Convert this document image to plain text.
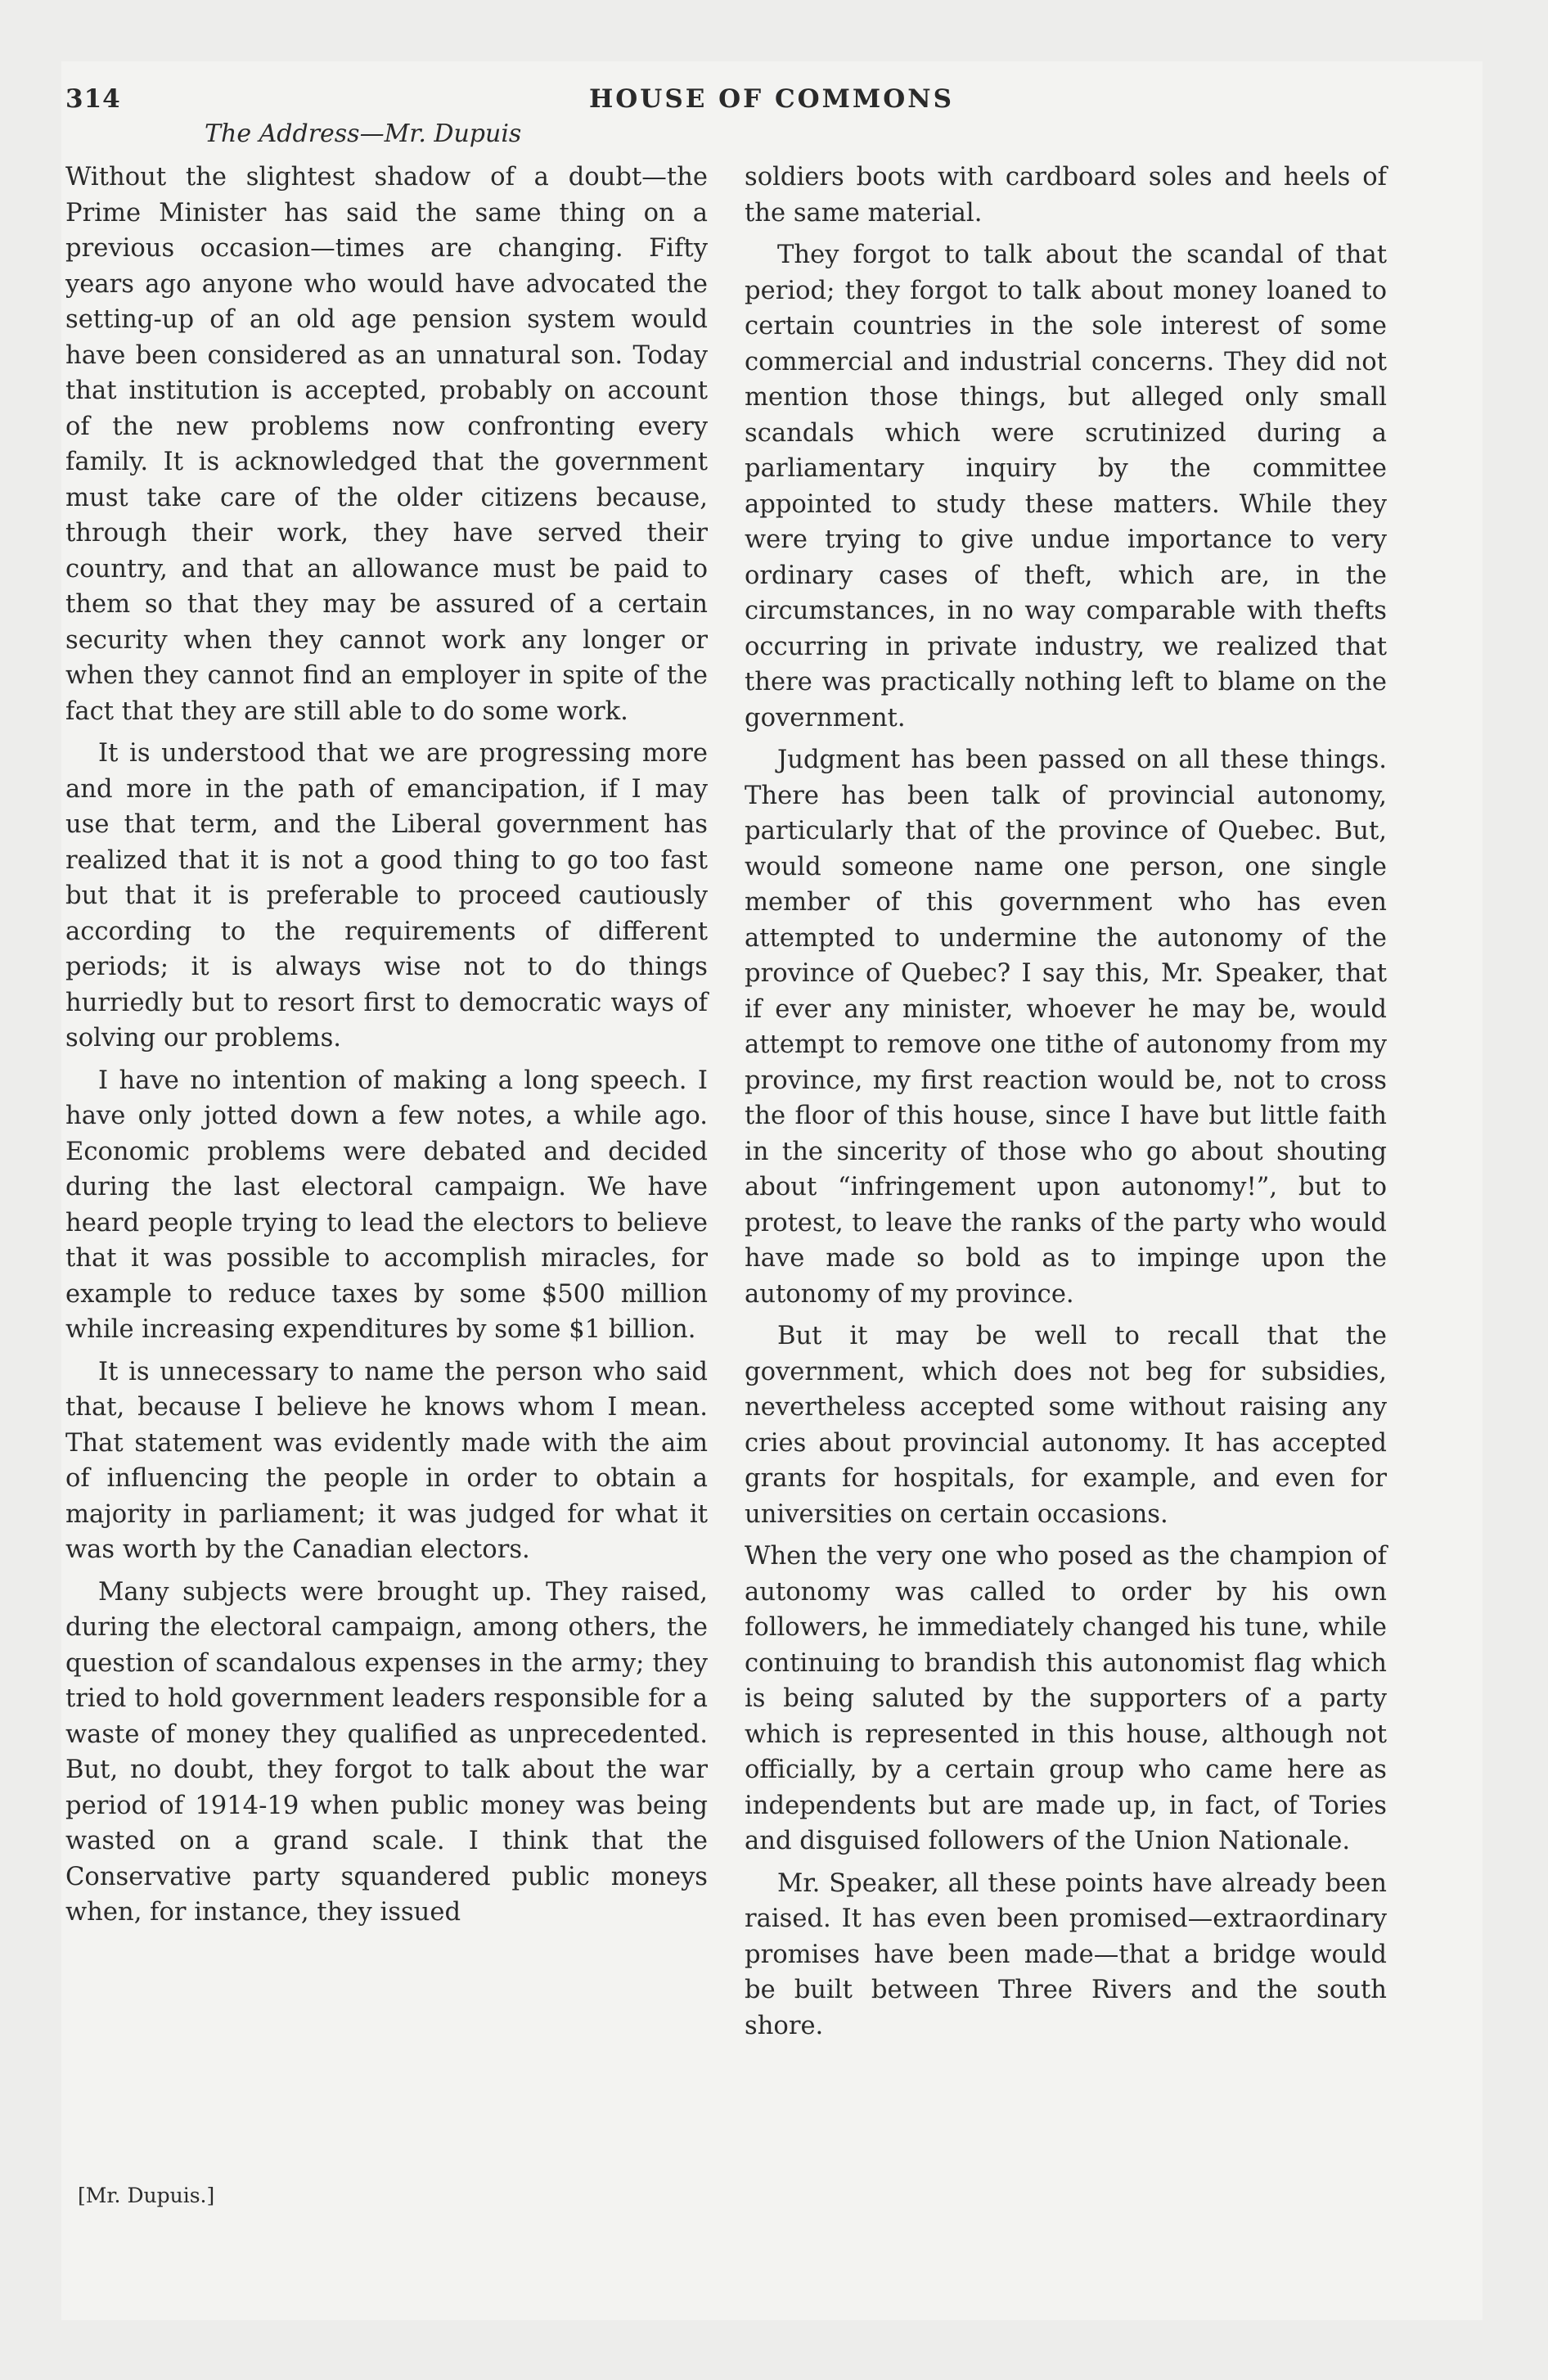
314	HOUSE OF COMMONS
The Address—Mr. Dupuis

Without the slightest shadow of a doubt—the Prime Minister has said the same thing on a previous occasion—times are changing. Fifty years ago anyone who would have advocated the setting-up of an old age pension system would have been considered as an unnatural son. Today that institution is accepted, probably on account of the new problems now confronting every family. It is acknowledged that the government must take care of the older citizens because, through their work, they have served their country, and that an allowance must be paid to them so that they may be assured of a certain security when they cannot work any longer or when they cannot find an employer in spite of the fact that they are still able to do some work.

It is understood that we are progressing more and more in the path of emancipation, if I may use that term, and the Liberal government has realized that it is not a good thing to go too fast but that it is preferable to proceed cautiously according to the requirements of different periods; it is always wise not to do things hurriedly but to resort first to democratic ways of solving our problems.

I have no intention of making a long speech. I have only jotted down a few notes, a while ago. Economic problems were debated and decided during the last electoral campaign. We have heard people trying to lead the electors to believe that it was possible to accomplish miracles, for example to reduce taxes by some $500 million while increasing expenditures by some $1 billion.

It is unnecessary to name the person who said that, because I believe he knows whom I mean. That statement was evidently made with the aim of influencing the people in order to obtain a majority in parliament; it was judged for what it was worth by the Canadian electors.

Many subjects were brought up. They raised, during the electoral campaign, among others, the question of scandalous expenses in the army; they tried to hold government leaders responsible for a waste of money they qualified as unprecedented. But, no doubt, they forgot to talk about the war period of 1914-19 when public money was being wasted on a grand scale. I think that the Conservative party squandered public moneys when, for instance, they issued

soldiers boots with cardboard soles and heels of the same material.

They forgot to talk about the scandal of that period; they forgot to talk about money loaned to certain countries in the sole interest of some commercial and industrial concerns. They did not mention those things, but alleged only small scandals which were scrutinized during a parliamentary inquiry by the committee appointed to study these matters. While they were trying to give undue importance to very ordinary cases of theft, which are, in the circumstances, in no way comparable with thefts occurring in private industry, we realized that there was practically nothing left to blame on the government.

Judgment has been passed on all these things. There has been talk of provincial autonomy, particularly that of the province of Quebec. But, would someone name one person, one single member of this government who has even attempted to undermine the autonomy of the province of Quebec? I say this, Mr. Speaker, that if ever any minister, whoever he may be, would attempt to remove one tithe of autonomy from my province, my first reaction would be, not to cross the floor of this house, since I have but little faith in the sincerity of those who go about shouting about “infringement upon autonomy!”, but to protest, to leave the ranks of the party who would have made so bold as to impinge upon the autonomy of my province.

But it may be well to recall that the government, which does not beg for subsidies, nevertheless accepted some without raising any cries about provincial autonomy. It has accepted grants for hospitals, for example, and even for universities on certain occasions.

When the very one who posed as the champion of autonomy was called to order by his own followers, he immediately changed his tune, while continuing to brandish this autonomist flag which is being saluted by the supporters of a party which is represented in this house, although not officially, by a certain group who came here as independents but are made up, in fact, of Tories and disguised followers of the Union Nationale.

Mr. Speaker, all these points have already been raised. It has even been promised—extraordinary promises have been made—that a bridge would be built between Three Rivers and the south shore.

[Mr. Dupuis.]
